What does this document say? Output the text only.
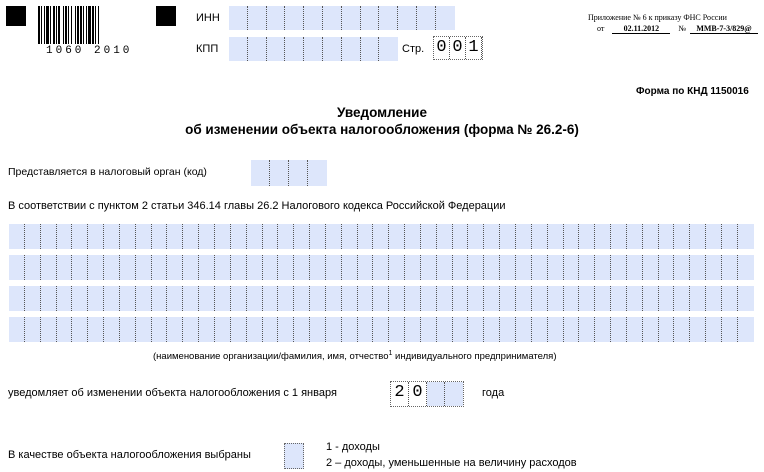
1060 2010
ИНН
КПП	Стр. 0 0 1
Приложение № 6 к приказу ФНС России
от 02.11.2012 № ММВ-7-3/829@
Форма по КНД 1150016
Уведомление
об изменении объекта налогообложения (форма № 26.2-6)
Представляется в налоговый орган (код)
В соответствии с пунктом 2 статьи 346.14 главы 26.2 Налогового кодекса Российской Федерации
(наименование организации/фамилия, имя, отчество$^1$ индивидуального предпринимателя)
уведомляет об изменении объекта налогообложения с 1 января	2 0	года
В качестве объекта налогообложения выбраны
1 - доходы
2 – доходы, уменьшенные на величину расходов
